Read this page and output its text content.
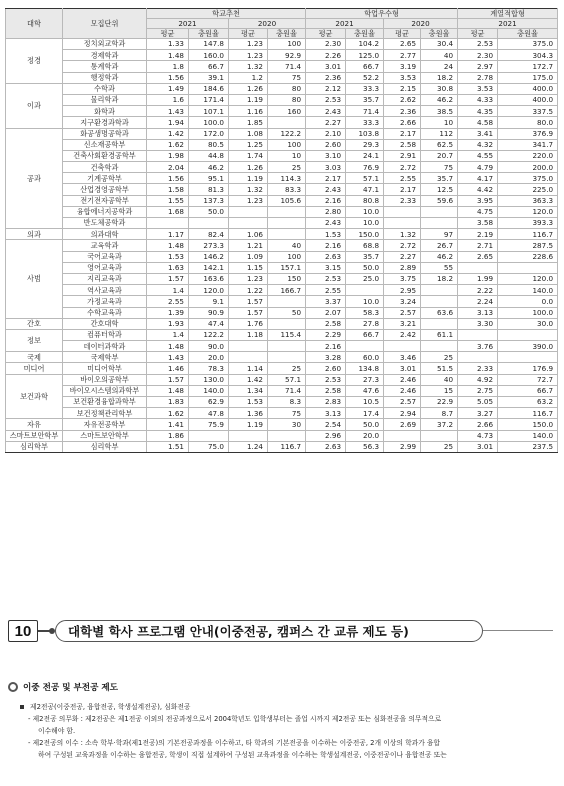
대학	모집단위	학교추천				학업우수형				계열적합형	
		2021		2020		2021		2020		2021	
		평균	충원율	평균	충원율	평균	충원율	평균	충원율	평균	충원율
정경	정치외교학과	1.33	147.8	1.23	100	2.30	104.2	2.65	30.4	2.53	375.0
	경제학과	1.48	160.0	1.23	92.9	2.26	125.0	2.77	40	2.30	304.3
	통계학과	1.8	66.7	1.32	71.4	3.01	66.7	3.19	24	2.97	172.7
	행정학과	1.56	39.1	1.2	75	2.36	52.2	3.53	18.2	2.78	175.0
이과	수학과	1.49	184.6	1.26	80	2.12	33.3	2.15	30.8	3.53	400.0
	물리학과	1.6	171.4	1.19	80	2.53	35.7	2.62	46.2	4.33	400.0
	화학과	1.43	107.1	1.16	160	2.43	71.4	2.36	38.5	4.35	337.5
	지구환경과학과	1.94	100.0	1.85		2.27	33.3	2.66	10	4.58	80.0
공과	화공생명공학과	1.42	172.0	1.08	122.2	2.10	103.8	2.17	112	3.41	376.9
	신소재공학부	1.62	80.5	1.25	100	2.60	29.3	2.58	62.5	4.32	341.7
	건축사회환경공학부	1.98	44.8	1.74	10	3.10	24.1	2.91	20.7	4.55	220.0
	건축학과	2.04	46.2	1.26	25	3.03	76.9	2.72	75	4.79	200.0
	기계공학부	1.56	95.1	1.19	114.3	2.17	57.1	2.55	35.7	4.17	375.0
	산업경영공학부	1.58	81.3	1.32	83.3	2.43	47.1	2.17	12.5	4.42	225.0
	전기전자공학부	1.55	137.3	1.23	105.6	2.16	80.8	2.33	59.6	3.95	363.3
	융합에너지공학과	1.68	50.0			2.80	10.0			4.75	120.0
	반도체공학과					2.43	10.0			3.58	393.3
의과	의과대학	1.17	82.4	1.06		1.53	150.0	1.32	97	2.19	116.7
사범	교육학과	1.48	273.3	1.21	40	2.16	68.8	2.72	26.7	2.71	287.5
	국어교육과	1.53	146.2	1.09	100	2.63	35.7	2.27	46.2	2.65	228.6
	영어교육과	1.63	142.1	1.15	157.1	3.15	50.0	2.89	55		
	지리교육과	1.57	163.6	1.23	150	2.53	25.0	3.75	18.2	1.99	120.0
	역사교육과	1.4	120.0	1.22	166.7	2.55		2.95		2.22	140.0
	가정교육과	2.55	9.1	1.57		3.37	10.0	3.24		2.24	0.0
	수학교육과	1.39	90.9	1.57	50	2.07	58.3	2.57	63.6	3.13	100.0
간호	간호대학	1.93	47.4	1.76		2.58	27.8	3.21		3.30	30.0
정보	컴퓨터학과	1.4	122.2	1.18	115.4	2.29	66.7	2.42	61.1		
	데이터과학과	1.48	90.0			2.16				3.76	390.0
국제	국제학부	1.43	20.0			3.28	60.0	3.46	25		
미디어	미디어학부	1.46	78.3	1.14	25	2.60	134.8	3.01	51.5	2.33	176.9
보건과학	바이오의공학부	1.57	130.0	1.42	57.1	2.53	27.3	2.46	40	4.92	72.7
	바이오시스템의과학부	1.48	140.0	1.34	71.4	2.58	47.6	2.46	15	2.75	66.7
	보건환경융합과학부	1.83	62.9	1.53	8.3	2.83	10.5	2.57	22.9	5.05	63.2
	보건정책관리학부	1.62	47.8	1.36	75	3.13	17.4	2.94	8.7	3.27	116.7
자유	자유전공학부	1.41	75.9	1.19	30	2.54	50.0	2.69	37.2	2.66	150.0
스마트보안학부	스마트보안학부	1.86				2.96	20.0			4.73	140.0
심리학부	심리학부	1.51	75.0	1.24	116.7	2.63	56.3	2.99	25	3.01	237.5
10	대학별 학사 프로그램 안내(이중전공, 캠퍼스 간 교류 제도 등)
이중 전공 및 부전공 제도
제2전공(이중전공, 융합전공, 학생설계전공), 심화전공
- 제2전공 의무화 : 제2전공은 제1전공 이외의 전공과정으로서 2004학년도 입학생부터는 졸업 시까지 제2전공 또는 심화전공을 의무적으로
이수해야 함.
- 제2전공의 이수 : 소속 학부·학과(제1전공)의 기본전공과정을 이수하고, 타 학과의 기본전공을 이수하는 이중전공, 2개 이상의 학과가 융합
하여 구성된 교육과정을 이수하는 융합전공, 학생이 직접 설계하여 구성된 교육과정을 이수하는 학생설계전공, 이중전공이나 융합전공 또는
